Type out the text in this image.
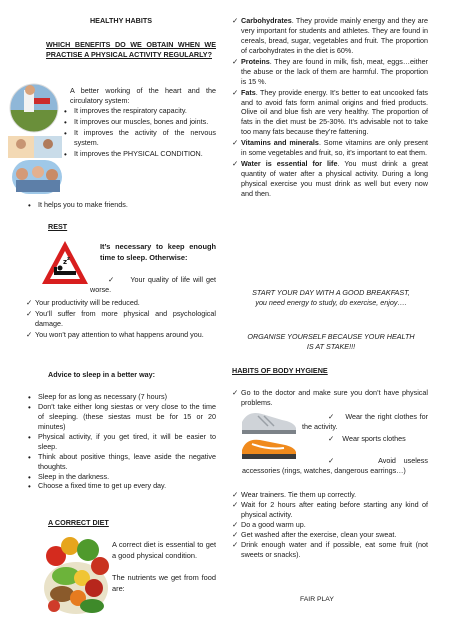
HEALTHY HABITS
WHICH BENEFITS DO WE OBTAIN WHEN WE PRACTISE A PHYSICAL ACTIVITY REGULARLY?
A better working of the heart and the circulatory system:
• It improves the respiratory capacity.
• It improves our muscles, bones and joints.
• It improves the activity of the nervous system.
• It improves the PHYSICAL CONDITION.
• It helps you to make friends.
REST
z z
It’s necessary to keep enough time to sleep. Otherwise:
✓ Your quality of life will get worse.
✓ Your productivity will be reduced.
✓ You’ll suffer from more physical and psychological damage.
✓ You won’t pay attention to what happens around you.
Advice to sleep in a better way:
• Sleep for as long as necessary (7 hours)
• Don’t take either long siestas or very close to the time of sleeping. (these siestas must be for 15 or 20 minutes)
• Physical activity, if you get tired, it will be easier to sleep.
• Think about positive things, leave aside the negative thoughts.
• Sleep in the darkness.
• Choose a fixed time to get up every day.
A CORRECT DIET
A correct diet is essential to get a good physical condition.
The nutrients we get from food are:
✓ Carbohydrates. They provide mainly energy and they are very important for students and athletes. They are found in cereals, bread, sugar, vegetables and fruit. The proportion of carbohydrates in the diet is 60%.
✓ Proteins. They are found in milk, fish, meat, eggs…either the abuse or the lack of them are harmful. The proportion is 15 %.
✓ Fats. They provide energy. It’s better to eat uncooked fats and to avoid fats form animal origins and fried products. Olive oil and blue fish are very healthy. The proportion of fats in the diet must be 25-30%. It’s advisable not to take too many fats because they’re fattening.
✓ Vitamins and minerals. Some vitamins are only present in some vegetables and fruit, so, it’s important to eat them.
✓ Water is essential for life. You must drink a great quantity of water after a physical activity. During a long physical exercise you must drink as well but every now and then.
START YOUR DAY WITH A GOOD BREAKFAST, you need energy to study, do exercise, enjoy….
ORGANISE YOURSELF BECAUSE YOUR HEALTH IS AT STAKE!!!
HABITS OF BODY HYGIENE
✓ Go to the doctor and make sure you don’t have physical problems.
✓ Wear the right clothes for the activity.
✓ Wear sports clothes
✓	Avoid useless accessories (rings, watches, dangerous earrings…)
✓ Wear trainers. Tie them up correctly.
✓ Wait for 2 hours after eating before starting any kind of physical activity.
✓ Do a good warm up.
✓ Get washed after the exercise, clean your sweat.
✓ Drink enough water and if possible, eat some fruit (not sweets or snacks).
FAIR PLAY
